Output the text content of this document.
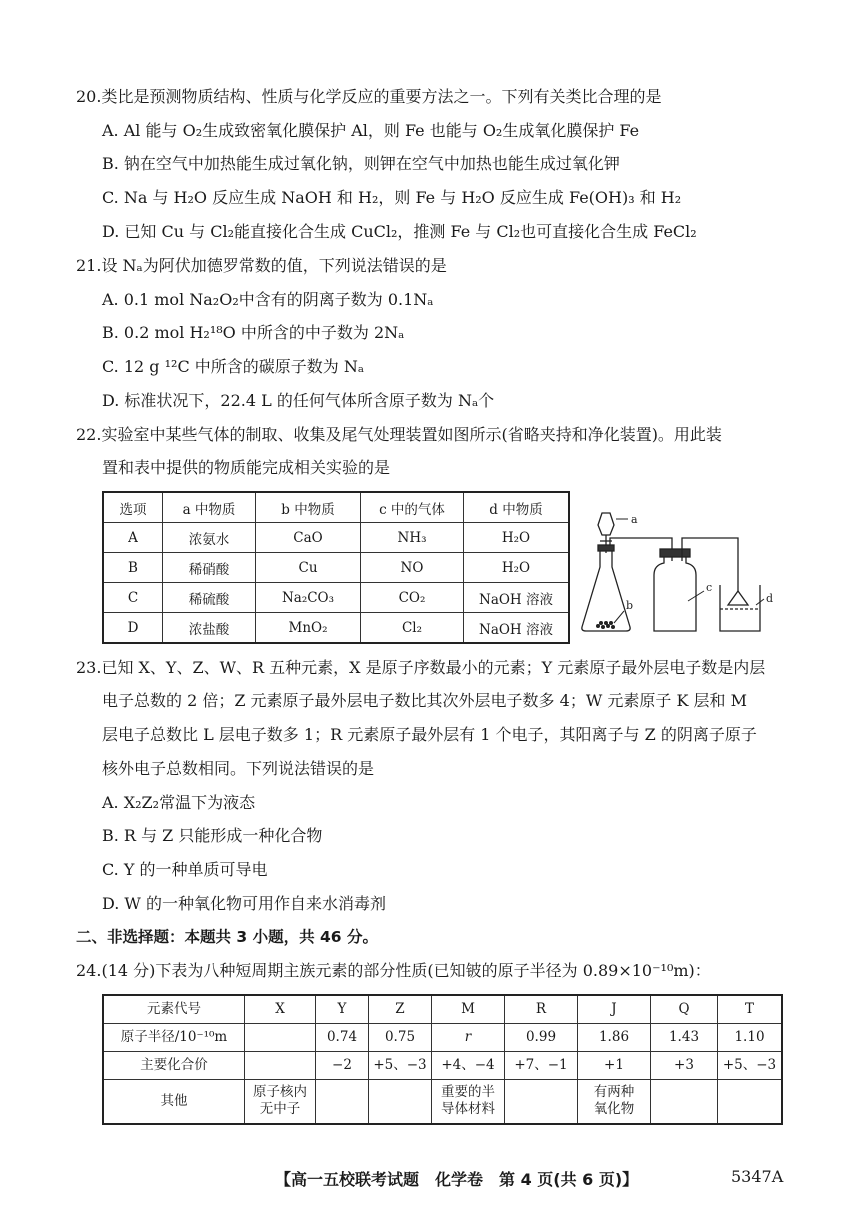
20.类比是预测物质结构、性质与化学反应的重要方法之一。下列有关类比合理的是
A. Al 能与 O₂生成致密氧化膜保护 Al，则 Fe 也能与 O₂生成氧化膜保护 Fe
B. 钠在空气中加热能生成过氧化钠，则钾在空气中加热也能生成过氧化钾
C. Na 与 H₂O 反应生成 NaOH 和 H₂，则 Fe 与 H₂O 反应生成 Fe(OH)₃ 和 H₂
D. 已知 Cu 与 Cl₂能直接化合生成 CuCl₂，推测 Fe 与 Cl₂也可直接化合生成 FeCl₂
21.设 Nₐ为阿伏加德罗常数的值，下列说法错误的是
A. 0.1 mol Na₂O₂中含有的阴离子数为 0.1Nₐ
B. 0.2 mol H₂¹⁸O 中所含的中子数为 2Nₐ
C. 12 g ¹²C 中所含的碳原子数为 Nₐ
D. 标准状况下，22.4 L 的任何气体所含原子数为 Nₐ个
22.实验室中某些气体的制取、收集及尾气处理装置如图所示(省略夹持和净化装置)。用此装
置和表中提供的物质能完成相关实验的是
选项	a 中物质	b 中物质	c 中的气体	d 中物质
A	浓氨水	CaO	NH₃	H₂O
B	稀硝酸	Cu	NO	H₂O
C	稀硫酸	Na₂CO₃	CO₂	NaOH 溶液
D	浓盐酸	MnO₂	Cl₂	NaOH 溶液
a
b
c
d
23.已知 X、Y、Z、W、R 五种元素，X 是原子序数最小的元素；Y 元素原子最外层电子数是内层
电子总数的 2 倍；Z 元素原子最外层电子数比其次外层电子数多 4；W 元素原子 K 层和 M
层电子总数比 L 层电子数多 1；R 元素原子最外层有 1 个电子，其阳离子与 Z 的阴离子原子
核外电子总数相同。下列说法错误的是
A. X₂Z₂常温下为液态
B. R 与 Z 只能形成一种化合物
C. Y 的一种单质可导电
D. W 的一种氧化物可用作自来水消毒剂
二、非选择题：本题共 3 小题，共 46 分。
24.(14 分)下表为八种短周期主族元素的部分性质(已知铍的原子半径为 0.89×10⁻¹⁰m)：
元素代号	X	Y	Z	M	R	J	Q	T
原子半径/10⁻¹⁰m		0.74	0.75	r	0.99	1.86	1.43	1.10
主要化合价		−2	+5、−3	+4、−4	+7、−1	+1	+3	+5、−3
其他	原子核内无中子			重要的半导体材料		有两种氧化物		
【高一五校联考试题　化学卷　第 4 页(共 6 页)】	5347A
